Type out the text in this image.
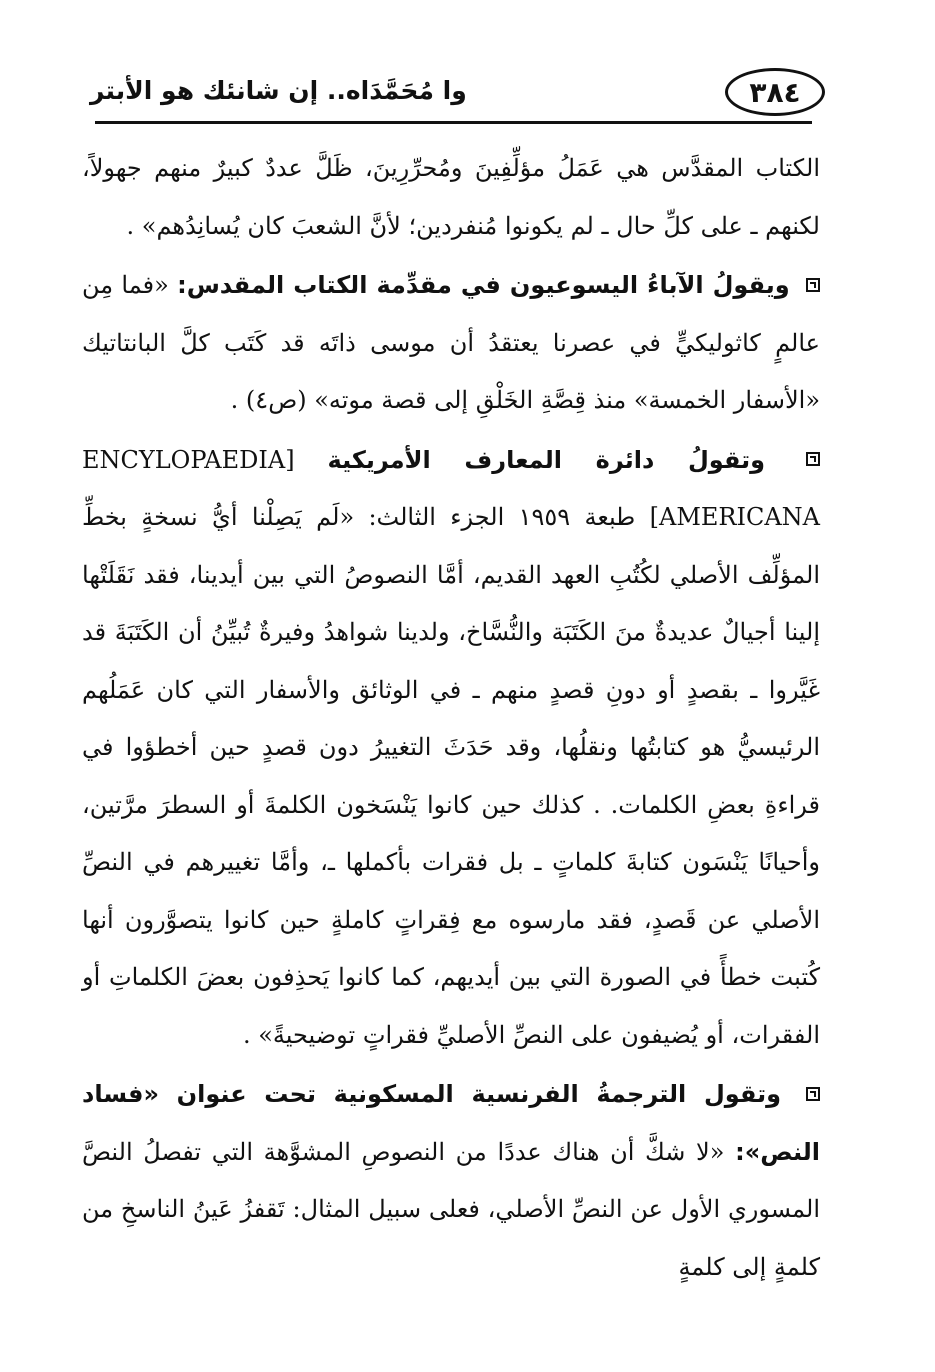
وا مُحَمَّدَاه.. إن شانئك هو الأبتر	٣٨٤

الكتاب المقدَّس هي عَمَلُ مؤلِّفِينَ ومُحرِّرِينَ، ظَلَّ عددٌ كبيرٌ منهم جهولاً، لكنهم ـ على كلِّ حال ـ لم يكونوا مُنفردين؛ لأنَّ الشعبَ كان يُسانِدُهم» .

ويقولُ الآباءُ اليسوعيون في مقدِّمة الكتاب المقدس: «فما مِن عالمٍ كاثوليكيٍّ في عصرنا يعتقدُ أن موسى ذاتَه قد كَتَب كلَّ البانتاتيك «الأسفار الخمسة» منذ قِصَّةِ الخَلْقِ إلى قصة موته» (ص٤) .

وتقولُ دائرة المعارف الأمريكية [ENCYLOPAEDIA AMERICANA] طبعة ١٩٥٩ الجزء الثالث: «لَم يَصِلْنا أيُّ نسخةٍ بخطِّ المؤلِّف الأصلي لكُتُبِ العهد القديم، أمَّا النصوصُ التي بين أيدينا، فقد نَقَلَتْها إلينا أجيالٌ عديدةٌ منَ الكَتَبَة والنُّسَّاخ، ولدينا شواهدُ وفيرةٌ تُبيِّنُ أن الكَتَبَةَ قد غَيَّروا ـ بقصدٍ أو دونِ قصدٍ منهم ـ في الوثائق والأسفار التي كان عَمَلُهم الرئيسيُّ هو كتابتُها ونقلُها، وقد حَدَثَ التغييرُ دون قصدٍ حين أخطؤوا في قراءةِ بعضِ الكلمات. . كذلك حين كانوا يَنْسَخون الكلمةَ أو السطرَ مرَّتين، وأحيانًا يَنْسَون كتابةَ كلماتٍ ـ بل فقرات بأكملها ـ، وأمَّا تغييرهم في النصِّ الأصلي عن قَصدٍ، فقد مارسوه مع فِقراتٍ كاملةٍ حين كانوا يتصوَّرون أنها كُتبت خطأً في الصورة التي بين أيديهم، كما كانوا يَحذِفون بعضَ الكلماتِ أو الفقرات، أو يُضيفون على النصِّ الأصليِّ فقراتٍ توضيحيةً» .

وتقول الترجمةُ الفرنسية المسكونية تحت عنوان «فساد النص»: «لا شكَّ أن هناك عددًا من النصوصِ المشوَّهة التي تفصلُ النصَّ المسوري الأول عن النصِّ الأصلي، فعلى سبيل المثال: تَقفزُ عَينُ الناسخِ من كلمةٍ إلى كلمةٍ
